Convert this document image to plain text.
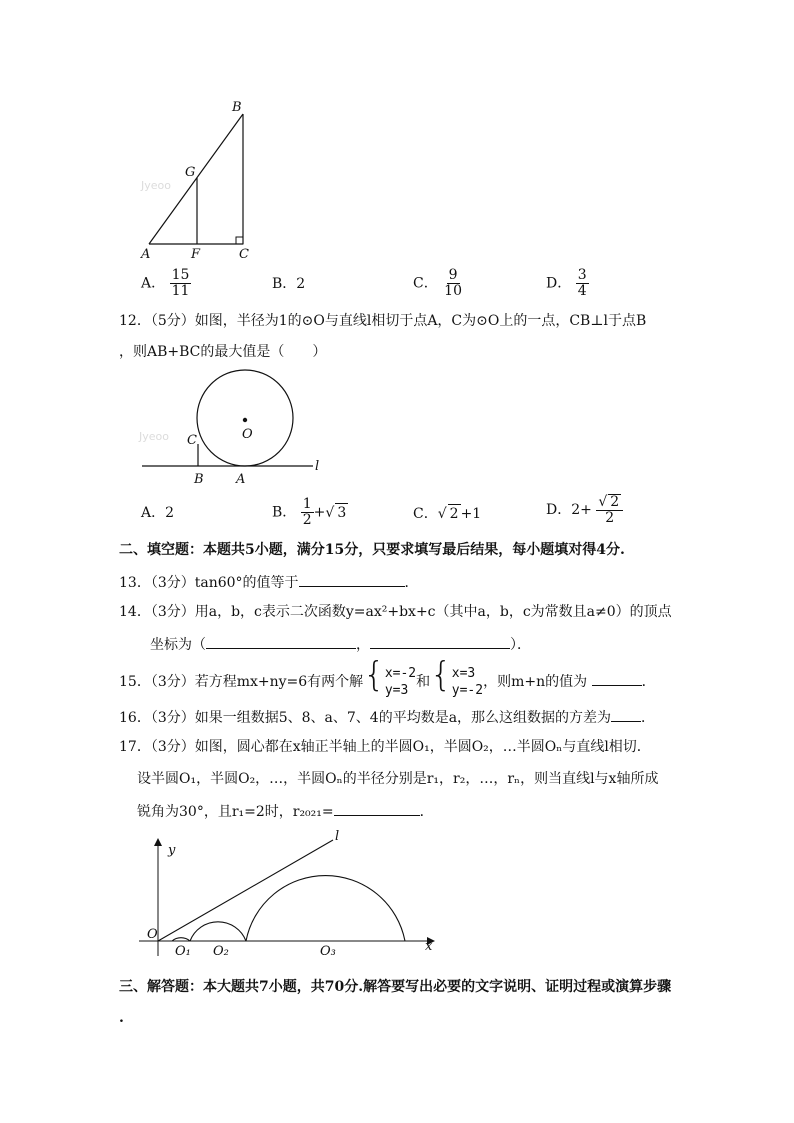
Jyeoo
B
G
A	F	C
A． $\frac{15}{11}$	B．2	C． $\frac{9}{10}$	D． $\frac{3}{4}$
12．（5分）如图，半径为1的⊙O与直线l相切于点A，C为⊙O上的一点，CB⊥l于点B
，则AB+BC的最大值是（　　）
Jyeoo	O
C
B A
l
A．2	B． $\frac{1}{2}$ +√ 3	C．√ 2 +1	D．$2+ \frac{√ 2}{2}$
二、填空题：本题共5小题，满分15分，只要求填写最后结果，每小题填对得4分.
13．（3分）tan60°的值等于	．
14．（3分）用a，b，c表示二次函数y=ax²+bx+c（其中a，b，c为常数且a≠0）的顶点
坐标为（	，	）．
15．（3分）若方程mx+ny=6有两个解{ x=-2
y=3
和{ x=3
y=-2
，则m+n的值为	．
16．（3分）如果一组数据5、8、a、7、4的平均数是a，那么这组数据的方差为 ．
17．（3分）如图，圆心都在x轴正半轴上的半圆O₁，半圆O₂，…半圆Oₙ与直线l相切．
设半圆O₁，半圆O₂，…，半圆Oₙ的半径分别是r₁，r₂，…，rₙ，则当直线l与x轴所成
锐角为30°，且r₁=2时，r₂₀₂₁=	．
y
l
O
x
O₁ O₂	O₃
三、解答题：本大题共7小题，共70分.解答要写出必要的文字说明、证明过程或演算步骤
.
